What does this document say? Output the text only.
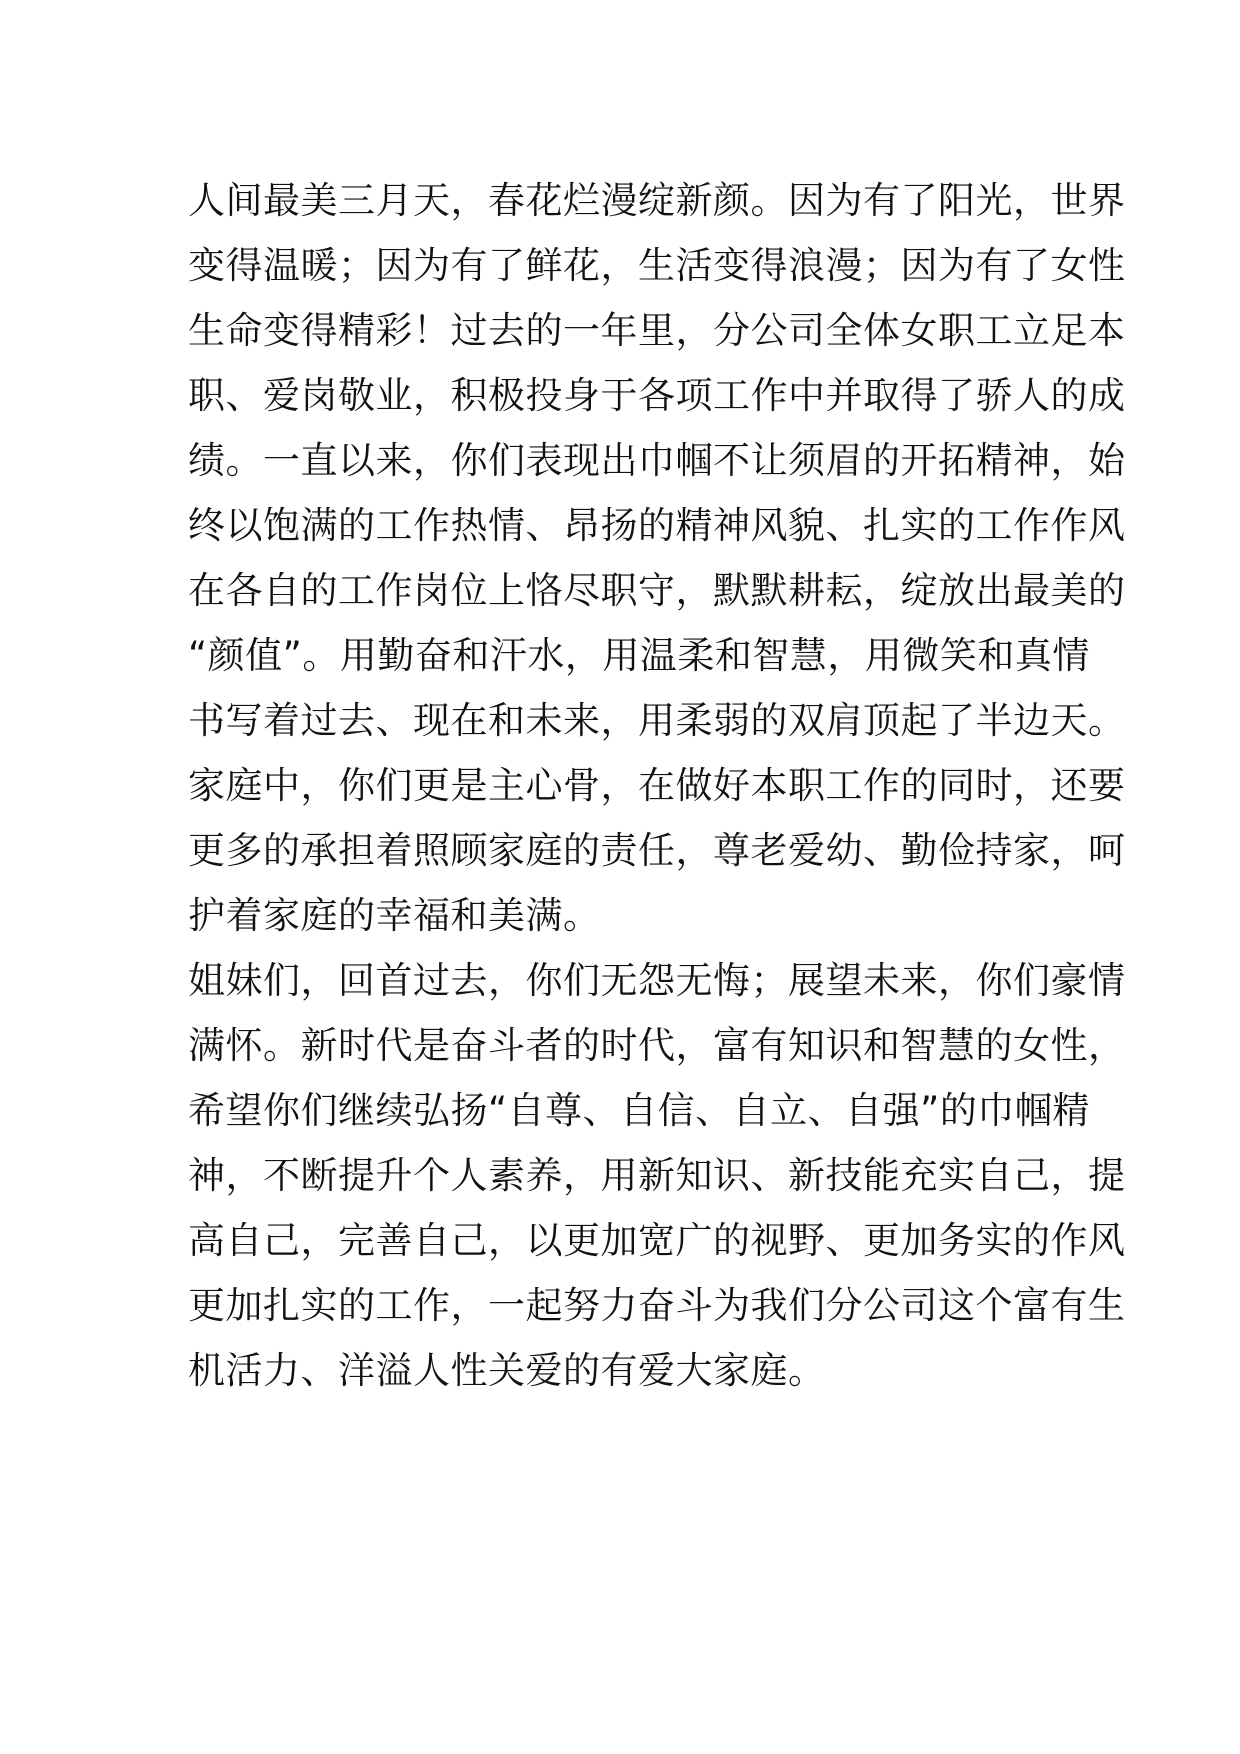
人间最美三月天，春花烂漫绽新颜。因为有了阳光，世界
变得温暖；因为有了鲜花，生活变得浪漫；因为有了女性
生命变得精彩！过去的一年里，分公司全体女职工立足本
职、爱岗敬业，积极投身于各项工作中并取得了骄人的成
绩。一直以来，你们表现出巾帼不让须眉的开拓精神，始
终以饱满的工作热情、昂扬的精神风貌、扎实的工作作风
在各自的工作岗位上恪尽职守，默默耕耘，绽放出最美的
“颜值”。用勤奋和汗水，用温柔和智慧，用微笑和真情
书写着过去、现在和未来，用柔弱的双肩顶起了半边天。
家庭中，你们更是主心骨，在做好本职工作的同时，还要
更多的承担着照顾家庭的责任，尊老爱幼、勤俭持家，呵
护着家庭的幸福和美满。
姐妹们，回首过去，你们无怨无悔；展望未来，你们豪情
满怀。新时代是奋斗者的时代，富有知识和智慧的女性，
希望你们继续弘扬“自尊、自信、自立、自强”的巾帼精
神，不断提升个人素养，用新知识、新技能充实自己，提
高自己，完善自己，以更加宽广的视野、更加务实的作风
更加扎实的工作，一起努力奋斗为我们分公司这个富有生
机活力、洋溢人性关爱的有爱大家庭。
